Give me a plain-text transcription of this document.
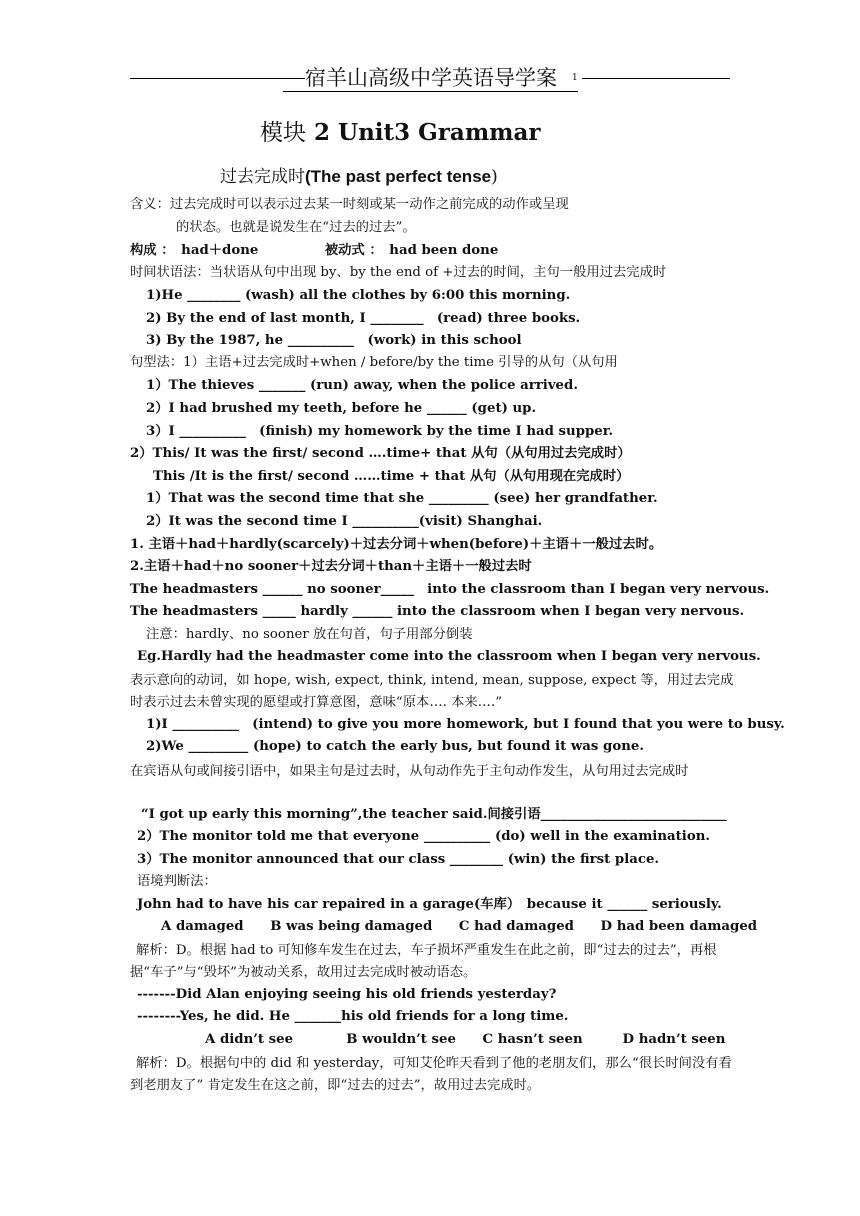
宿羊山高级中学英语导学案 1
模块 2 Unit3 Grammar
过去完成时(The past perfect tense)
含义：过去完成时可以表示过去某一时刻或某一动作之前完成的动作或呈现
的状态。也就是说发生在“过去的过去”。
构成 ：　had＋done　　　　　被动式 ：　had been done
时间状语法：当状语从句中出现 by、by the end of +过去的时间，主句一般用过去完成时
1)He ________ (wash) all the clothes by 6:00 this morning.
2) By the end of last month, I ________　(read) three books.
3) By the 1987, he __________　(work) in this school
句型法：1）主语+过去完成时+when / before/by the time 引导的从句（从句用
1）The thieves _______ (run) away, when the police arrived.
2）I had brushed my teeth, before he ______ (get) up.
3）I __________　(finish) my homework by the time I had supper.
2）This/ It was the first/ second ….time+ that 从句（从句用过去完成时）
This /It is the first/ second ……time + that 从句（从句用现在完成时）
1）That was the second time that she _________ (see) her grandfather.
2）It was the second time I __________(visit) Shanghai.
1. 主语＋had＋hardly(scarcely)＋过去分词＋when(before)＋主语＋一般过去时。
2.主语＋had＋no sooner＋过去分词＋than＋主语＋一般过去时
The headmasters ______ no sooner_____　into the classroom than I began very nervous.
The headmasters _____ hardly ______ into the classroom when I began very nervous.
注意：hardly、no sooner 放在句首，句子用部分倒装
Eg.Hardly had the headmaster come into the classroom when I began very nervous.
表示意向的动词，如 hope, wish, expect, think, intend, mean, suppose, expect 等，用过去完成时表示过去未曾实现的愿望或打算意图，意味“原本…. 本来….”
1)I __________　(intend) to give you more homework, but I found that you were to busy.
2)We _________ (hope) to catch the early bus, but found it was gone.
在宾语从句或间接引语中，如果主句是过去时，从句动作先于主句动作发生，从句用过去完成时
“I got up early this morning”,the teacher said.间接引语____________________________
2）The monitor told me that everyone __________ (do) well in the examination.
3）The monitor announced that our class ________ (win) the first place.
语境判断法：
John had to have his car repaired in a garage(车库）　because it ______ seriously.
A damaged　　B was being damaged　　C had damaged　　D had been damaged
解析：D。根据 had to 可知修车发生在过去，车子损坏严重发生在此之前，即“过去的过去”，再根据“车子”与“毁坏”为被动关系，故用过去完成时被动语态。
-------Did Alan enjoying seeing his old friends yesterday?
--------Yes, he did. He _______his old friends for a long time.
A didn’t see　　　　B wouldn’t see　　C hasn’t seen　　　D hadn’t seen
解析：D。根据句中的 did 和 yesterday，可知艾伦昨天看到了他的老朋友们，那么“很长时间没有看到老朋友了” 肯定发生在这之前，即“过去的过去”，故用过去完成时。
